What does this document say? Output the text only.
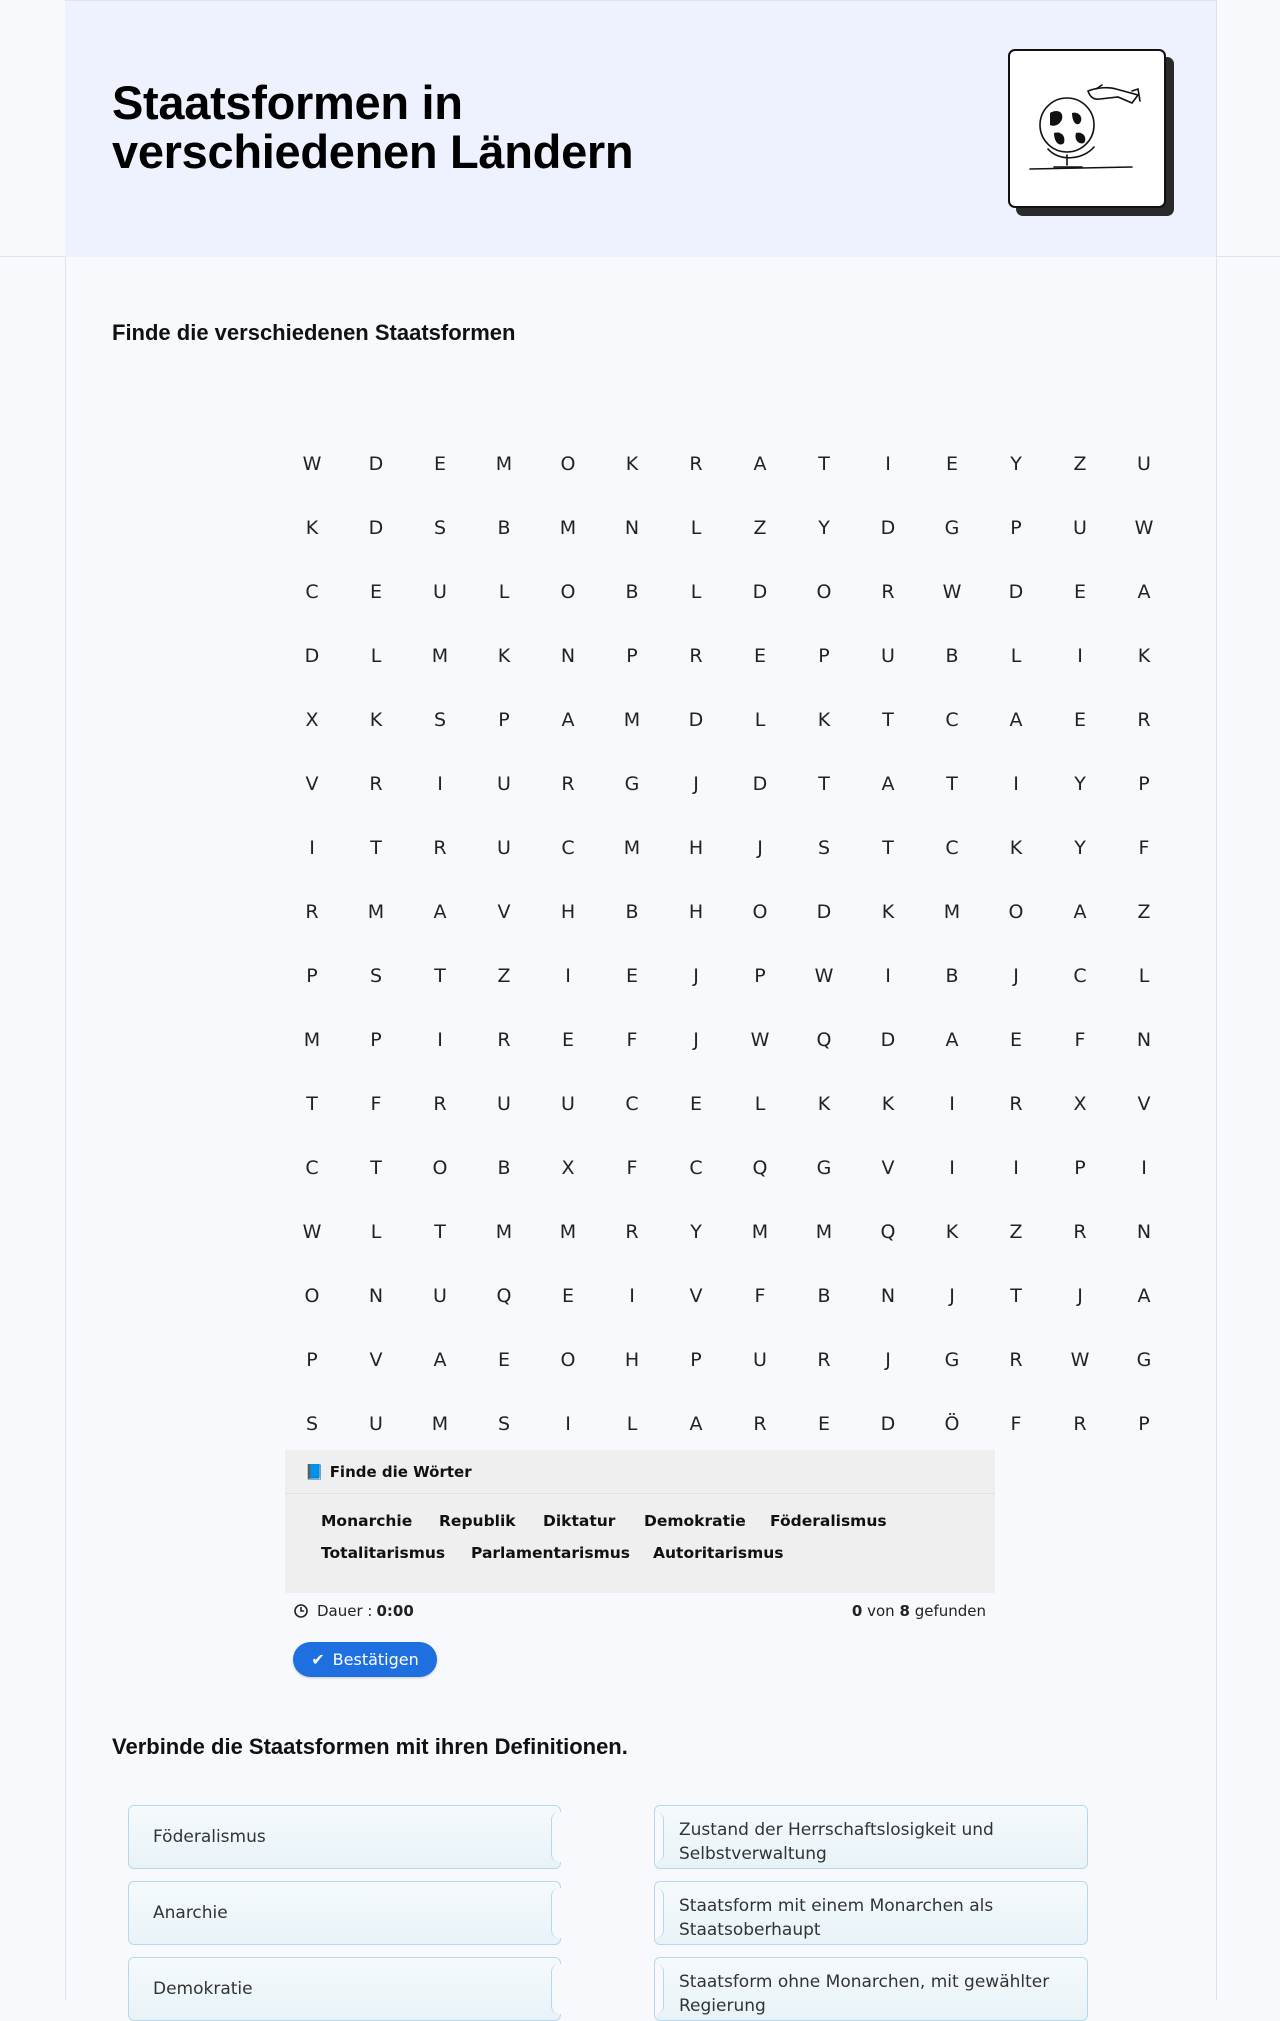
Staatsformen in verschiedenen Ländern
Finde die verschiedenen Staatsformen
W	D	E	M	O	K	R	A	T	I	E	Y	Z	U
K	D	S	B	M	N	L	Z	Y	D	G	P	U	W
C	E	U	L	O	B	L	D	O	R	W	D	E	A
D	L	M	K	N	P	R	E	P	U	B	L	I	K
X	K	S	P	A	M	D	L	K	T	C	A	E	R
V	R	I	U	R	G	J	D	T	A	T	I	Y	P
I	T	R	U	C	M	H	J	S	T	C	K	Y	F
R	M	A	V	H	B	H	O	D	K	M	O	A	Z
P	S	T	Z	I	E	J	P	W	I	B	J	C	L
M	P	I	R	E	F	J	W	Q	D	A	E	F	N
T	F	R	U	U	C	E	L	K	K	I	R	X	V
C	T	O	B	X	F	C	Q	G	V	I	I	P	I
W	L	T	M	M	R	Y	M	M	Q	K	Z	R	N
O	N	U	Q	E	I	V	F	B	N	J	T	J	A
P	V	A	E	O	H	P	U	R	J	G	R	W	G
S	U	M	S	I	L	A	R	E	D	Ö	F	R	P
📘 Finde die Wörter
Monarchie Republik Diktatur Demokratie Föderalismus
Totalitarismus Parlamentarismus Autoritarismus
Dauer : 0:00	0 von 8 gefunden
✔ Bestätigen
Verbinde die Staatsformen mit ihren Definitionen.
Föderalismus
Anarchie
Demokratie
Zustand der Herrschaftslosigkeit und Selbstverwaltung
Staatsform mit einem Monarchen als Staatsoberhaupt
Staatsform ohne Monarchen, mit gewählter Regierung
